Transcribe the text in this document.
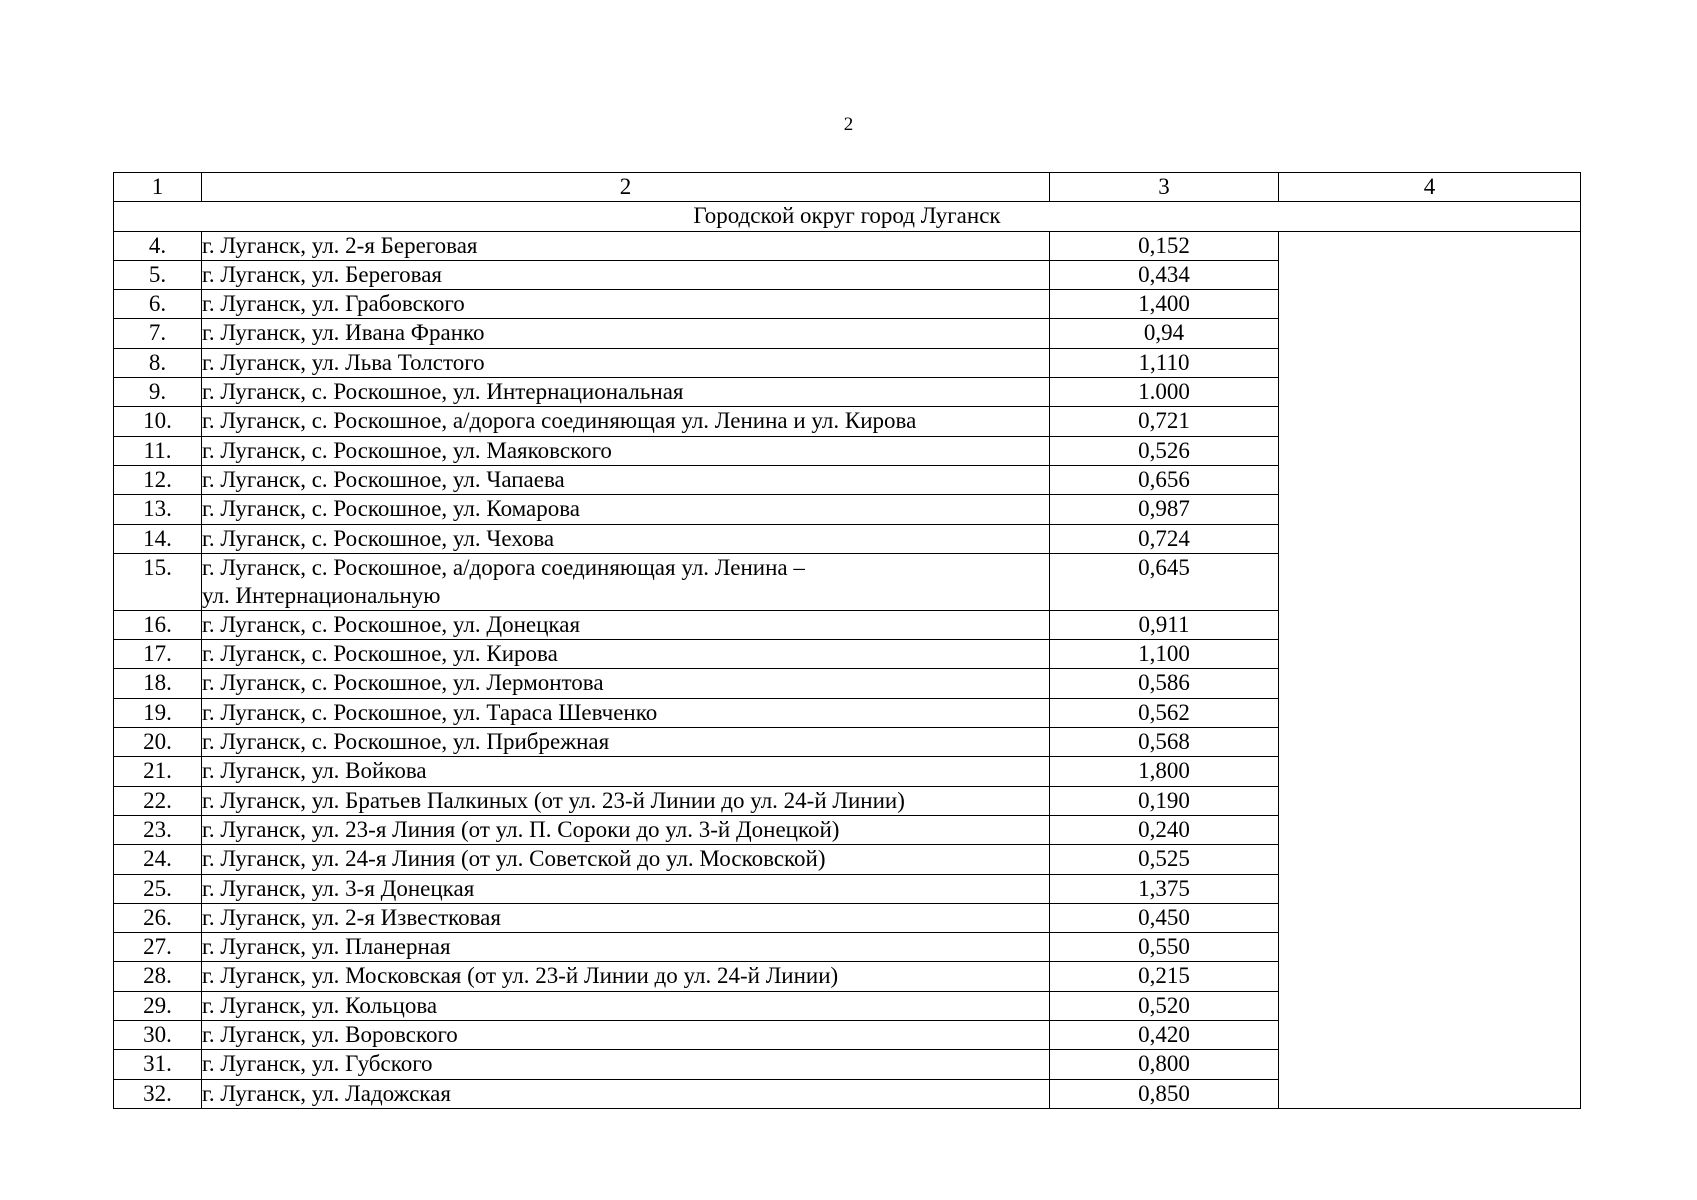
2
1	2	3	4
Городской округ город Луганск			
4.	г. Луганск, ул. 2-я Береговая	0,152	
5.	г. Луганск, ул. Береговая	0,434	
6.	г. Луганск, ул. Грабовского	1,400	
7.	г. Луганск, ул. Ивана Франко	0,94	
8.	г. Луганск, ул. Льва Толстого	1,110	
9.	г. Луганск, с. Роскошное, ул. Интернациональная	1.000	
10.	г. Луганск, с. Роскошное, а/дорога соединяющая ул. Ленина и ул. Кирова	0,721	
11.	г. Луганск, с. Роскошное, ул. Маяковского	0,526	
12.	г. Луганск, с. Роскошное, ул. Чапаева	0,656	
13.	г. Луганск, с. Роскошное, ул. Комарова	0,987	
14.	г. Луганск, с. Роскошное, ул. Чехова	0,724	
15.	г. Луганск, с. Роскошное, а/дорога соединяющая ул. Ленина –
ул. Интернациональную	0,645	
16.	г. Луганск, с. Роскошное, ул. Донецкая	0,911	
17.	г. Луганск, с. Роскошное, ул. Кирова	1,100	
18.	г. Луганск, с. Роскошное, ул. Лермонтова	0,586	
19.	г. Луганск, с. Роскошное, ул. Тараса Шевченко	0,562	
20.	г. Луганск, с. Роскошное, ул. Прибрежная	0,568	
21.	г. Луганск, ул. Войкова	1,800	
22.	г. Луганск, ул. Братьев Палкиных (от ул. 23-й Линии до ул. 24-й Линии)	0,190	
23.	г. Луганск, ул. 23-я Линия (от ул. П. Сороки до ул. 3-й Донецкой)	0,240	
24.	г. Луганск, ул. 24-я Линия (от ул. Советской до ул. Московской)	0,525	
25.	г. Луганск, ул. 3-я Донецкая	1,375	
26.	г. Луганск, ул. 2-я Известковая	0,450	
27.	г. Луганск, ул. Планерная	0,550	
28.	г. Луганск, ул. Московская (от ул. 23-й Линии до ул. 24-й Линии)	0,215	
29.	г. Луганск, ул. Кольцова	0,520	
30.	г. Луганск, ул. Воровского	0,420	
31.	г. Луганск, ул. Губского	0,800	
32.	г. Луганск, ул. Ладожская	0,850	
